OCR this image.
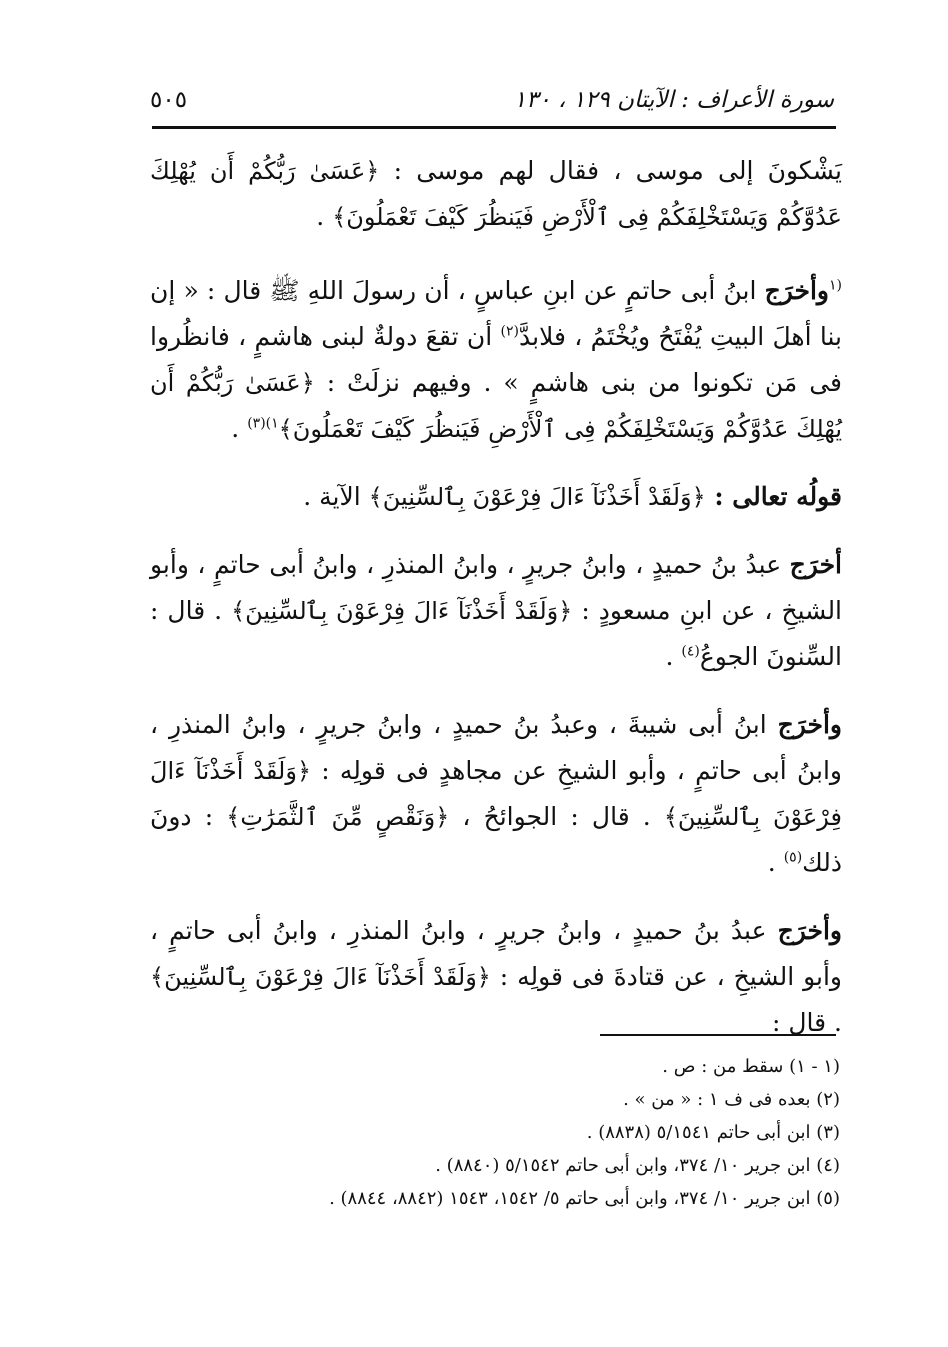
سورة الأعراف : الآيتان ١٢٩ ، ١٣٠
٥٠٥

يَشْكونَ إلى موسى ، فقال لهم موسى : ﴿عَسَىٰ رَبُّكُمْ أَن يُهْلِكَ عَدُوَّكُمْ وَيَسْتَخْلِفَكُمْ فِى ٱلْأَرْضِ فَيَنظُرَ كَيْفَ تَعْمَلُونَ﴾ .

$^{(١}$وأخرَج ابنُ أبى حاتمٍ عن ابنِ عباسٍ ، أن رسولَ اللهِ ﷺ قال : « إن بنا أهلَ البيتِ يُفْتَحُ ويُخْتَمُ ، فلابدَّ$^{(٢)}$ أن تقعَ دولةٌ لبنى هاشمٍ ، فانظُروا فى مَن تكونوا من بنى هاشمٍ » . وفيهم نزلَتْ : ﴿عَسَىٰ رَبُّكُمْ أَن يُهْلِكَ عَدُوَّكُمْ وَيَسْتَخْلِفَكُمْ فِى ٱلْأَرْضِ فَيَنظُرَ كَيْفَ تَعْمَلُونَ﴾$^{١)(٣)}$ .

قولُه تعالى : ﴿وَلَقَدْ أَخَذْنَآ ءَالَ فِرْعَوْنَ بِٱلسِّنِينَ﴾ الآية .

أخرَج عبدُ بنُ حميدٍ ، وابنُ جريرٍ ، وابنُ المنذرِ ، وابنُ أبى حاتمٍ ، وأبو الشيخِ ، عن ابنِ مسعودٍ : ﴿وَلَقَدْ أَخَذْنَآ ءَالَ فِرْعَوْنَ بِٱلسِّنِينَ﴾ . قال : السِّنونَ الجوعُ$^{(٤)}$ .

وأخرَج ابنُ أبى شيبةَ ، وعبدُ بنُ حميدٍ ، وابنُ جريرٍ ، وابنُ المنذرِ ، وابنُ أبى حاتمٍ ، وأبو الشيخِ عن مجاهدٍ فى قولِه : ﴿وَلَقَدْ أَخَذْنَآ ءَالَ فِرْعَوْنَ بِٱلسِّنِينَ﴾ . قال : الجوائحُ ، ﴿وَنَقْصٍ مِّنَ ٱلثَّمَرَٰتِ﴾ : دونَ ذلك$^{(٥)}$ .

وأخرَج عبدُ بنُ حميدٍ ، وابنُ جريرٍ ، وابنُ المنذرِ ، وابنُ أبى حاتمٍ ، وأبو الشيخِ ، عن قتادةَ فى قولِه : ﴿وَلَقَدْ أَخَذْنَآ ءَالَ فِرْعَوْنَ بِٱلسِّنِينَ﴾ . قال :

(١ - ١) سقط من : ص .

(٢) بعده فى ف ١ : « من » .

(٣) ابن أبى حاتم ٥/١٥٤١ (٨٨٣٨) .

(٤) ابن جرير ١٠/ ٣٧٤، وابن أبى حاتم ٥/١٥٤٢ (٨٨٤٠) .

(٥) ابن جرير ١٠/ ٣٧٤، وابن أبى حاتم ٥/ ١٥٤٢، ١٥٤٣ (٨٨٤٢، ٨٨٤٤) .
